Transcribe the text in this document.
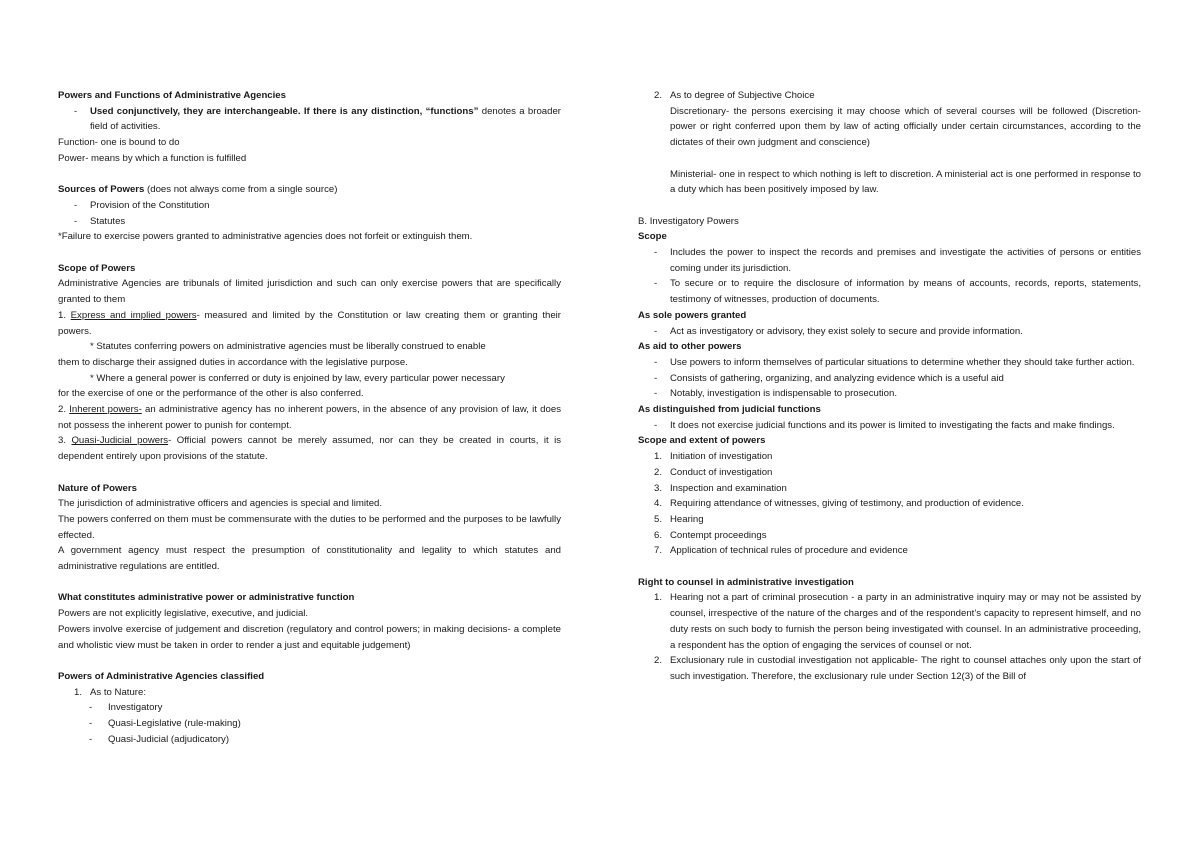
Powers and Functions of Administrative Agencies

-	Used conjunctively, they are interchangeable. If there is any distinction, “functions” denotes a broader field of activities.

Function- one is bound to do

Power- means by which a function is fulfilled

Sources of Powers (does not always come from a single source)

-	Provision of the Constitution
-	Statutes

*Failure to exercise powers granted to administrative agencies does not forfeit or extinguish them.

Scope of Powers

Administrative Agencies are tribunals of limited jurisdiction and such can only exercise powers that are specifically granted to them

1. Express and implied powers- measured and limited by the Constitution or law creating them or granting their powers.

* Statutes conferring powers on administrative agencies must be liberally construed to enable

them to discharge their assigned duties in accordance with the legislative purpose.

* Where a general power is conferred or duty is enjoined by law, every particular power necessary

for the exercise of one or the performance of the other is also conferred.

2. Inherent powers- an administrative agency has no inherent powers, in the absence of any provision of law, it does not possess the inherent power to punish for contempt.

3. Quasi-Judicial powers- Official powers cannot be merely assumed, nor can they be created in courts, it is dependent entirely upon provisions of the statute.

Nature of Powers

The jurisdiction of administrative officers and agencies is special and limited.

The powers conferred on them must be commensurate with the duties to be performed and the purposes to be lawfully effected.

A government agency must respect the presumption of constitutionality and legality to which statutes and administrative regulations are entitled.

What constitutes administrative power or administrative function

Powers are not explicitly legislative, executive, and judicial.

Powers involve exercise of judgement and discretion (regulatory and control powers; in making decisions- a complete and wholistic view must be taken in order to render a just and equitable judgement)

Powers of Administrative Agencies classified

1. As to Nature:
-	Investigatory
-	Quasi-Legislative (rule-making)
-	Quasi-Judicial (adjudicatory)
2. As to degree of Subjective Choice

Discretionary- the persons exercising it may choose which of several courses will be followed (Discretion- power or right conferred upon them by law of acting officially under certain circumstances, according to the dictates of their own judgment and conscience)

Ministerial- one in respect to which nothing is left to discretion. A ministerial act is one performed in response to a duty which has been positively imposed by law.

B. Investigatory Powers

Scope

-	Includes the power to inspect the records and premises and investigate the activities of persons or entities coming under its jurisdiction.
-	To secure or to require the disclosure of information by means of accounts, records, reports, statements, testimony of witnesses, production of documents.

As sole powers granted

-	Act as investigatory or advisory, they exist solely to secure and provide information.

As aid to other powers

-	Use powers to inform themselves of particular situations to determine whether they should take further action.
-	Consists of gathering, organizing, and analyzing evidence which is a useful aid
-	Notably, investigation is indispensable to prosecution.

As distinguished from judicial functions

-	It does not exercise judicial functions and its power is limited to investigating the facts and make findings.

Scope and extent of powers

1. Initiation of investigation
2. Conduct of investigation
3. Inspection and examination
4. Requiring attendance of witnesses, giving of testimony, and production of evidence.
5. Hearing
6. Contempt proceedings
7. Application of technical rules of procedure and evidence

Right to counsel in administrative investigation

1. Hearing not a part of criminal prosecution - a party in an administrative inquiry may or may not be assisted by counsel, irrespective of the nature of the charges and of the respondent’s capacity to represent himself, and no duty rests on such body to furnish the person being investigated with counsel. In an administrative proceeding, a respondent has the option of engaging the services of counsel or not.
2. Exclusionary rule in custodial investigation not applicable- The right to counsel attaches only upon the start of such investigation. Therefore, the exclusionary rule under Section 12(3) of the Bill of
